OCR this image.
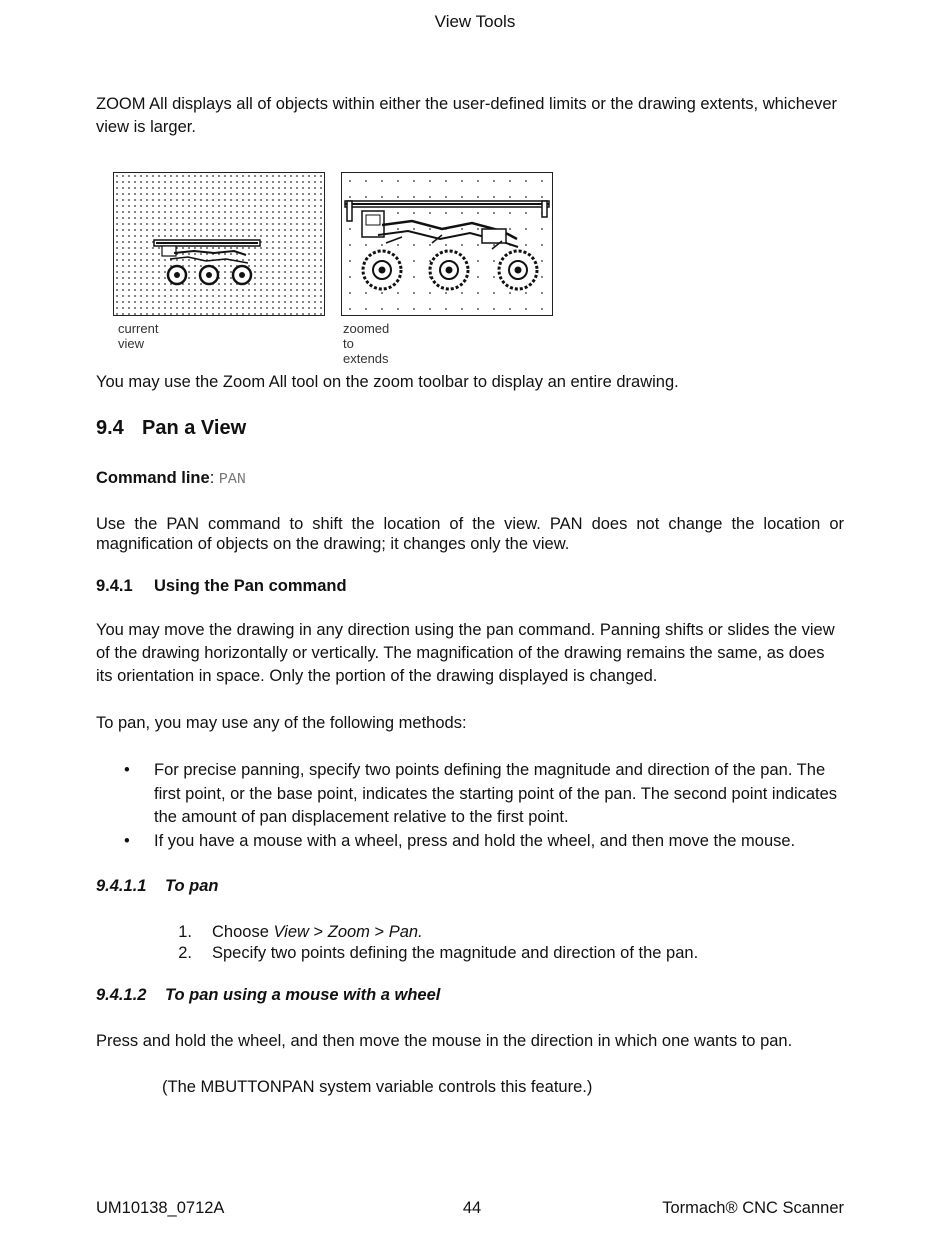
View Tools
ZOOM All displays all of objects within either the user-defined limits or the drawing extents, whichever view is larger.
current view
zoomed to extends
You may use the Zoom All tool on the zoom toolbar to display an entire drawing.
9.4 Pan a View
Command line: PAN
Use the PAN command to shift the location of the view. PAN does not change the location or magnification of objects on the drawing; it changes only the view.
9.4.1 Using the Pan command
You may move the drawing in any direction using the pan command. Panning shifts or slides the view of the drawing horizontally or vertically. The magnification of the drawing remains the same, as does its orientation in space. Only the portion of the drawing displayed is changed.
To pan, you may use any of the following methods:
• For precise panning, specify two points defining the magnitude and direction of the pan. The first point, or the base point, indicates the starting point of the pan. The second point indicates the amount of pan displacement relative to the first point.
• If you have a mouse with a wheel, press and hold the wheel, and then move the mouse.
9.4.1.1 To pan
1. Choose View > Zoom > Pan.
2. Specify two points defining the magnitude and direction of the pan.
9.4.1.2 To pan using a mouse with a wheel
Press and hold the wheel, and then move the mouse in the direction in which one wants to pan.
(The MBUTTONPAN system variable controls this feature.)
UM10138_0712A	44	Tormach® CNC Scanner
